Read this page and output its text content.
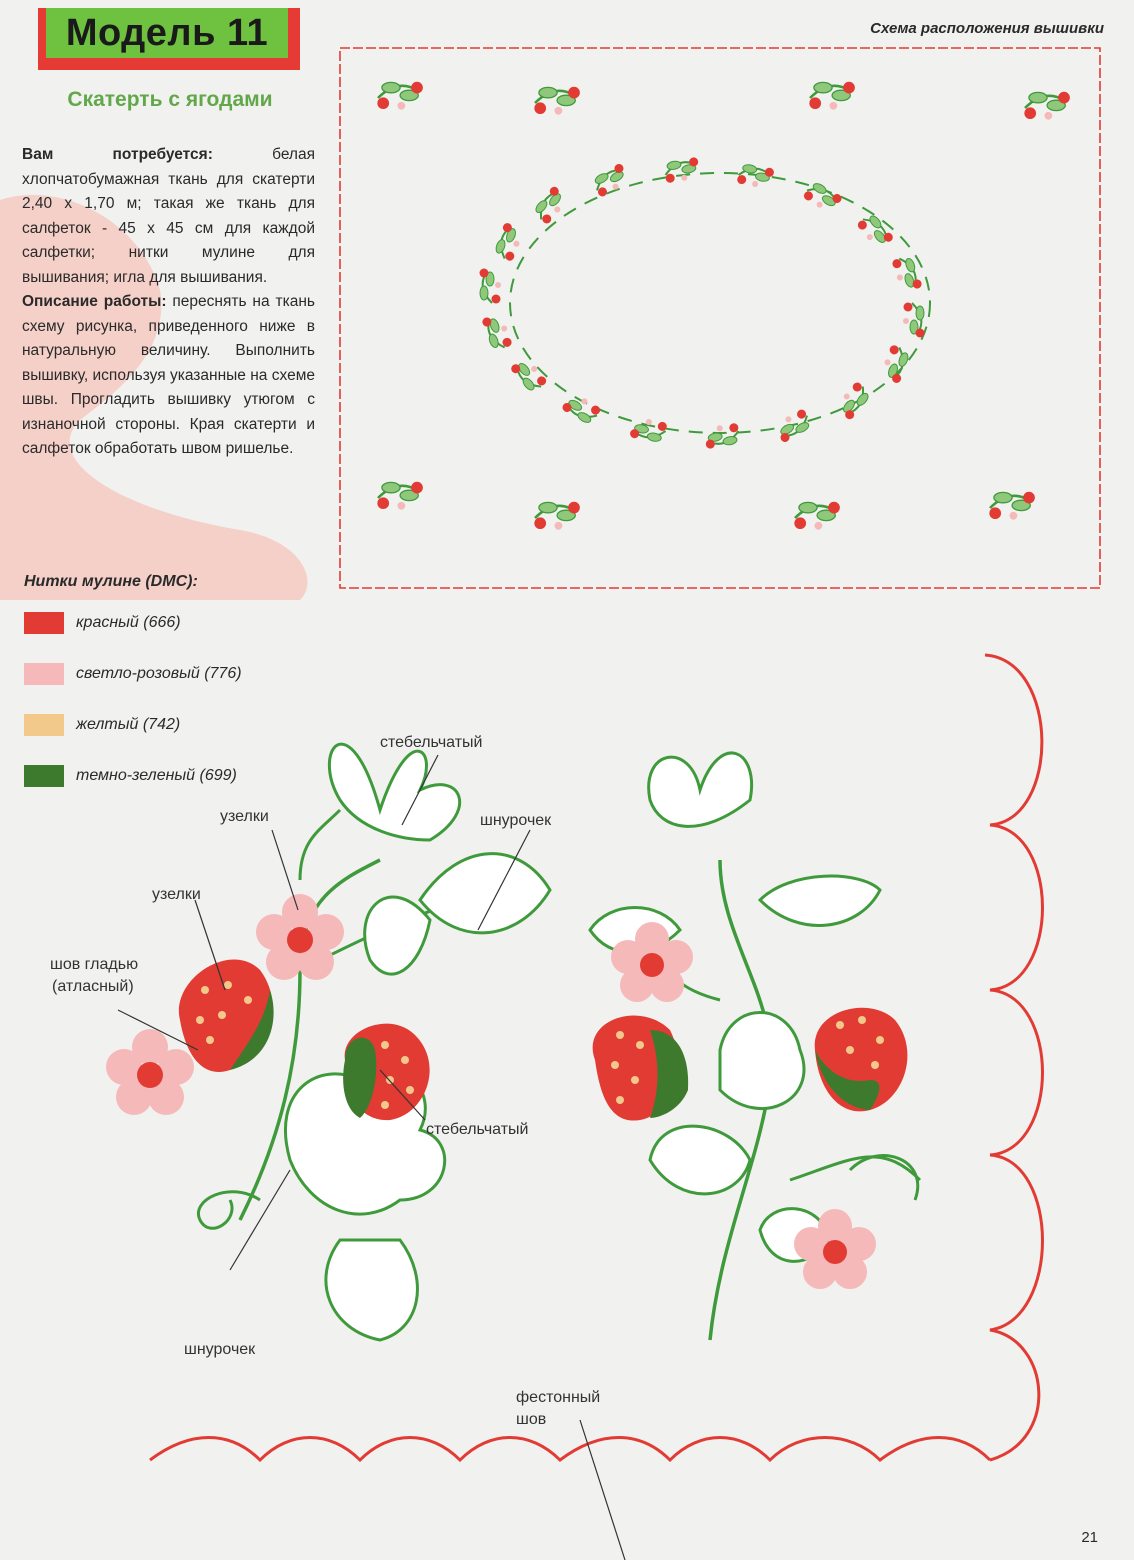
Модель 11
Скатерть с ягодами
Вам потребуется: белая хлопчатобумажная ткань для скатерти 2,40 х 1,70 м; такая же ткань для салфеток - 45 х 45 см для каждой салфетки; нитки мулине для вышивания; игла для вышивания.
Описание работы: переснять на ткань схему рисунка, приведенного ниже в натуральную величину. Выполнить вышивку, используя указанные на схеме швы. Прогладить вышивку утюгом с изнаночной стороны. Края скатерти и салфеток обработать швом ришелье.
Схема расположения вышивки
Нитки мулине (DMC):
красный (666)
светло-розовый (776)
желтый (742)
темно-зеленый (699)
стебельчатый
шнурочек
узелки
узелки
шов гладью
(атласный)
стебельчатый
шнурочек
фестонный
шов
21
